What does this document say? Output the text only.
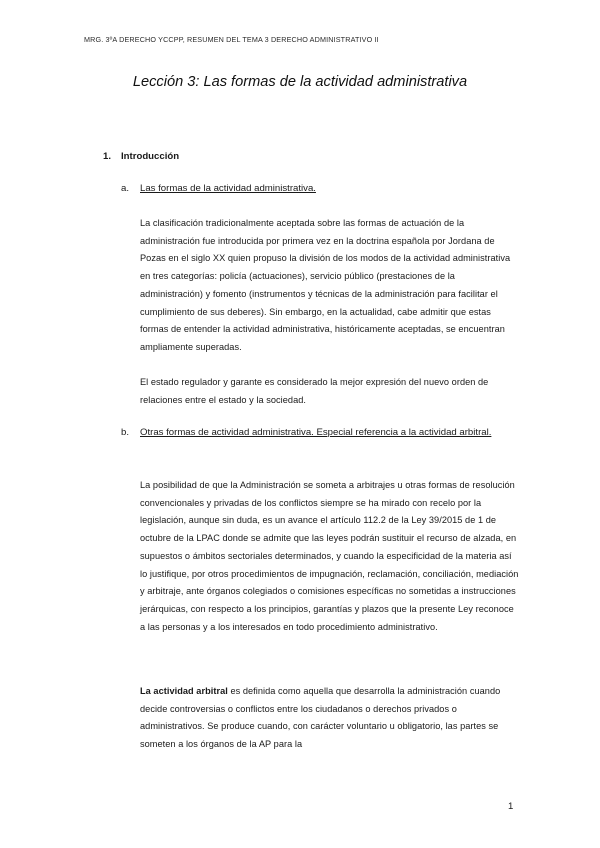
MRG. 3ºA DERECHO YCCPP, RESUMEN DEL TEMA 3 DERECHO ADMINISTRATIVO II
Lección 3: Las formas de la actividad administrativa
1. Introducción
a. Las formas de la actividad administrativa.
La clasificación tradicionalmente aceptada sobre las formas de actuación de la administración fue introducida por primera vez en la doctrina española por Jordana de Pozas en el siglo XX quien propuso la división de los modos de la actividad administrativa en tres categorías: policía (actuaciones), servicio público (prestaciones de la administración) y fomento (instrumentos y técnicas de la administración para facilitar el cumplimiento de sus deberes). Sin embargo, en la actualidad, cabe admitir que estas formas de entender la actividad administrativa, históricamente aceptadas, se encuentran ampliamente superadas.
El estado regulador y garante es considerado la mejor expresión del nuevo orden de relaciones entre el estado y la sociedad.
b. Otras formas de actividad administrativa. Especial referencia a la actividad arbitral.
La posibilidad de que la Administración se someta a arbitrajes u otras formas de resolución convencionales y privadas de los conflictos siempre se ha mirado con recelo por la legislación, aunque sin duda, es un avance el artículo 112.2 de la Ley 39/2015 de 1 de octubre de la LPAC donde se admite que las leyes podrán sustituir el recurso de alzada, en supuestos o ámbitos sectoriales determinados, y cuando la especificidad de la materia así lo justifique, por otros procedimientos de impugnación, reclamación, conciliación, mediación y arbitraje, ante órganos colegiados o comisiones específicas no sometidas a instrucciones jerárquicas, con respecto a los principios, garantías y plazos que la presente Ley reconoce a las personas y a los interesados en todo procedimiento administrativo.
La actividad arbitral es definida como aquella que desarrolla la administración cuando decide controversias o conflictos entre los ciudadanos o derechos privados o administrativos. Se produce cuando, con carácter voluntario u obligatorio, las partes se someten a los órganos de la AP para la
1
